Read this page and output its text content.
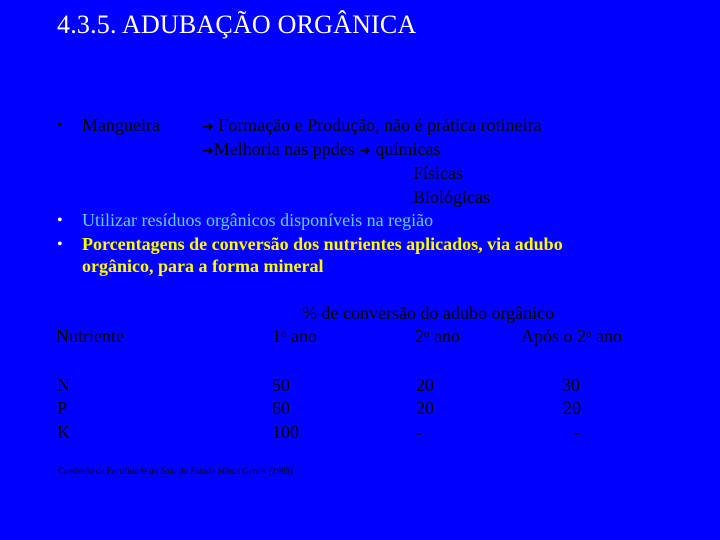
4.3.5. ADUBAÇÃO ORGÂNICA
• Mangueira	➔ Formação e Produção, não é prática rotineira
➔Melhoria nas ppdes ➔ químicas
Físicas
Biológicas
• Utilizar resíduos orgânicos disponíveis na região
• Porcentagens de conversão dos nutrientes aplicados, via adubo
orgânico, para a forma mineral
% de conversão do adubo orgânico
Nutriente	1$^o$ ano	2$^o$ ano	Após o 2$^o$ ano
N	50	20	30
P	60	20	20
K	100	-	-
Comissão de Fertilidade do Solo do Estado Minas Gerais (1989)
